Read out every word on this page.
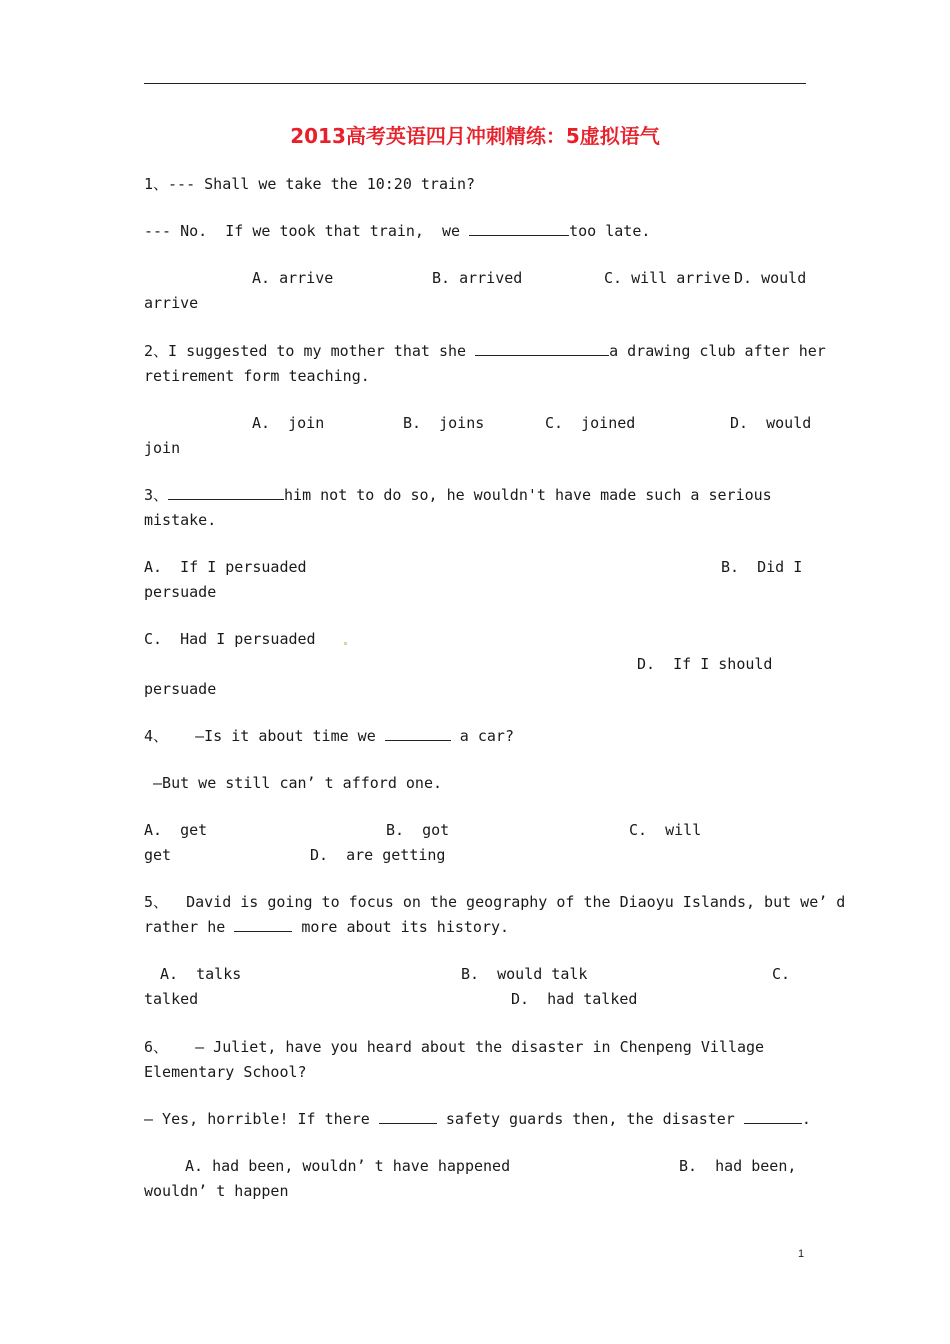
2013高考英语四月冲刺精练：5虚拟语气
1、--- Shall we take the 10:20 train?
--- No.  If we took that train,  we	too late.
A. arrive	B. arrived	C. will arrive D. would
arrive
2、I suggested to my mother that she	a drawing club after her
retirement form teaching.
A.  join	B.  joins	C.  joined	D.  would
join
3、	him not to do so, he wouldn't have made such a serious
mistake.
A.  If I persuaded	B.  Did I
persuade
C.  Had I persuaded
D.  If I should
persuade
4、   —Is it about time we	a car?
—But we still can’ t afford one.
A.  get	B.  got	C.  will
get	D.  are getting
5、  David is going to focus on the geography of the Diaoyu Islands, but we’ d
rather he	more about its history.
A.  talks	B.  would talk	C.
talked	D.  had talked
6、   — Juliet, have you heard about the disaster in Chenpeng Village
Elementary School?
— Yes, horrible! If there	safety guards then, the disaster	.
A. had been, wouldn’ t have happened	B.  had been,
wouldn’ t happen
1
